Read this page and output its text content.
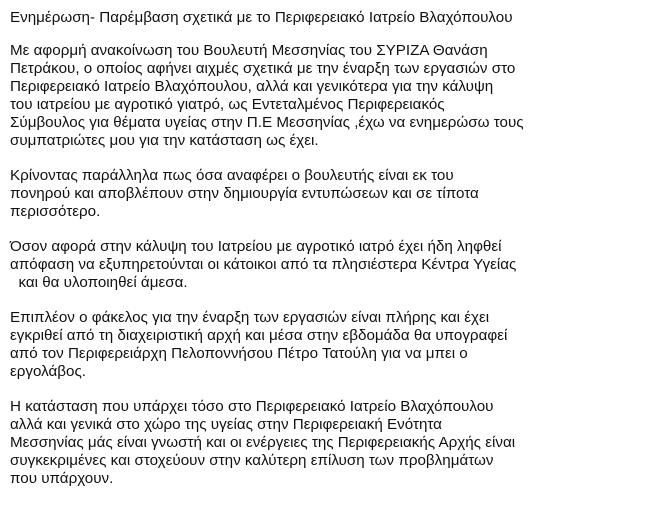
Ενημέρωση- Παρέμβαση σχετικά με το Περιφερειακό Ιατρείο Βλαχόπουλου
Με αφορμή ανακοίνωση του Βουλευτή Μεσσηνίας του ΣΥΡΙΖΑ Θανάση
Πετράκου, ο οποίος αφήνει αιχμές σχετικά με την έναρξη των εργασιών στο
Περιφερειακό Ιατρείο Βλαχόπουλου, αλλά και γενικότερα για την κάλυψη
του ιατρείου με αγροτικό γιατρό, ως Εντεταλμένος Περιφερειακός
Σύμβουλος για θέματα υγείας στην Π.Ε Μεσσηνίας ,έχω να ενημερώσω τους
συμπατριώτες μου για την κατάσταση ως έχει.
Κρίνοντας παράλληλα πως όσα αναφέρει ο βουλευτής είναι εκ του
πονηρού και αποβλέπουν στην δημιουργία εντυπώσεων και σε τίποτα
περισσότερο.
Όσον αφορά στην κάλυψη του Ιατρείου με αγροτικό ιατρό έχει ήδη ληφθεί
απόφαση να εξυπηρετούνται οι κάτοικοι από τα πλησιέστερα Κέντρα Υγείας
και θα υλοποιηθεί άμεσα.
Επιπλέον ο φάκελος για την έναρξη των εργασιών είναι πλήρης και έχει
εγκριθεί από τη διαχειριστική αρχή και μέσα στην εβδομάδα θα υπογραφεί
από τον Περιφερειάρχη Πελοποννήσου Πέτρο Τατούλη για να μπει ο
εργολάβος.
Η κατάσταση που υπάρχει τόσο στο Περιφερειακό Ιατρείο Βλαχόπουλου
αλλά και γενικά στο χώρο της υγείας στην Περιφερειακή Ενότητα
Μεσσηνίας μάς είναι γνωστή και οι ενέργειες της Περιφερειακής Αρχής είναι
συγκεκριμένες και στοχεύουν στην καλύτερη επίλυση των προβλημάτων
που υπάρχουν.
